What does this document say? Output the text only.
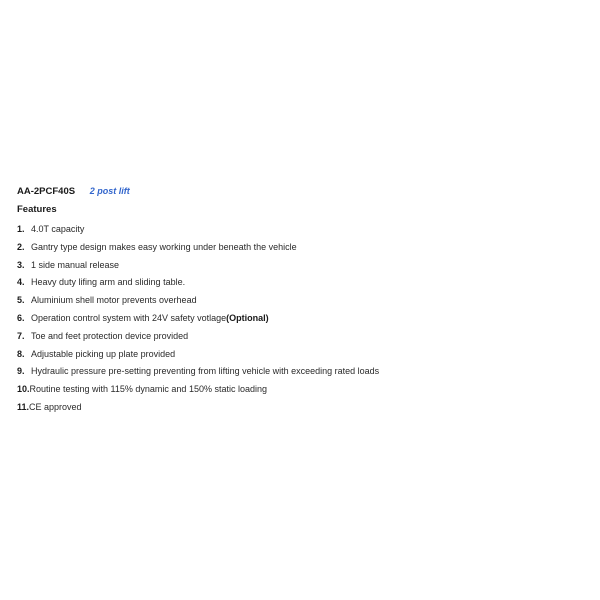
AA-2PCF40S 2 post lift
Features
1. 4.0T capacity
2. Gantry type design makes easy working under beneath the vehicle
3. 1 side manual release
4. Heavy duty lifing arm and sliding table.
5. Aluminium shell motor prevents overhead
6. Operation control system with 24V safety votlage(Optional)
7. Toe and feet protection device provided
8. Adjustable picking up plate provided
9. Hydraulic pressure pre-setting preventing from lifting vehicle with exceeding rated loads
10.Routine testing with 115% dynamic and 150% static loading
11.CE approved
